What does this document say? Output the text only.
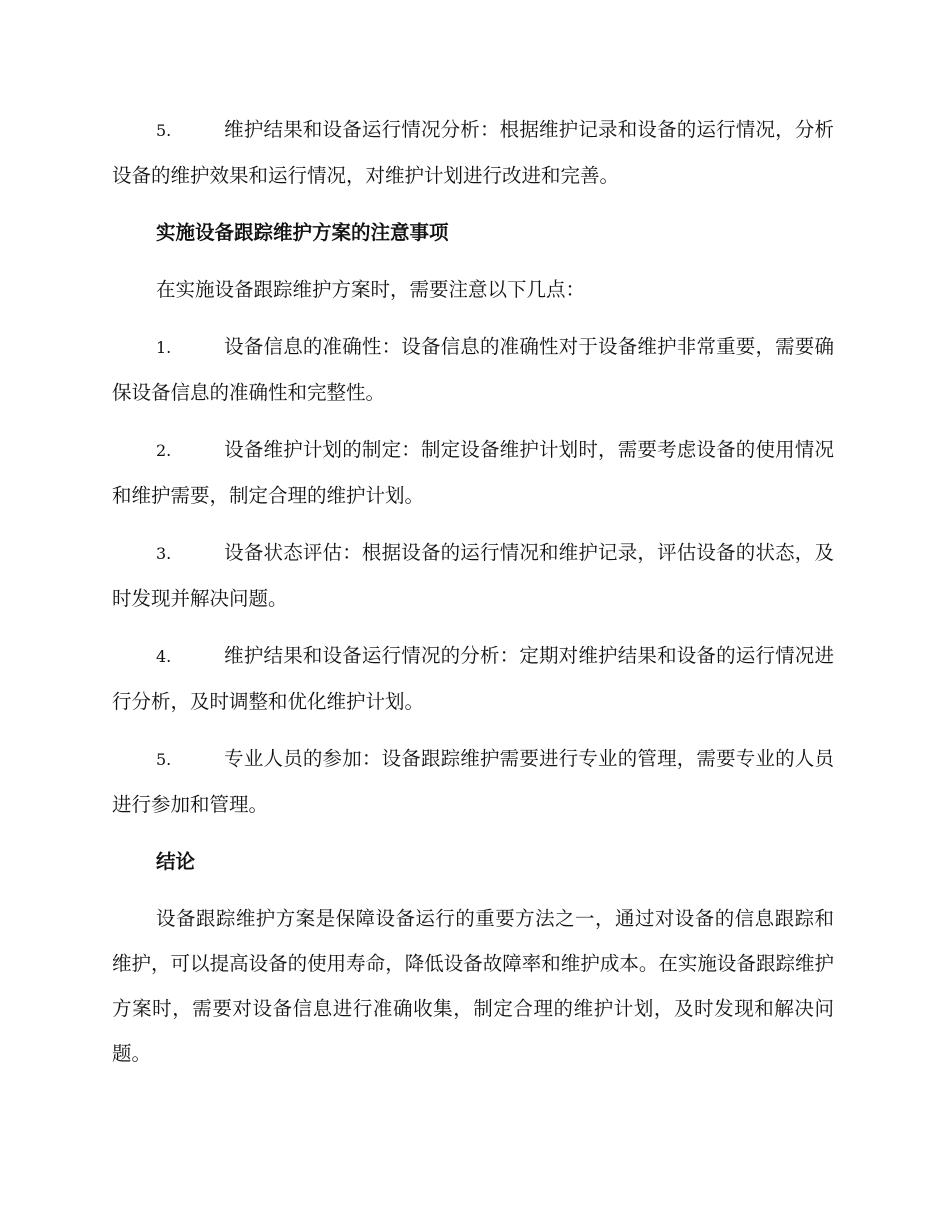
5.	维护结果和设备运行情况分析：根据维护记录和设备的运行情况，分析设备的维护效果和运行情况，对维护计划进行改进和完善。

实施设备跟踪维护方案的注意事项

在实施设备跟踪维护方案时，需要注意以下几点：

1.	设备信息的准确性：设备信息的准确性对于设备维护非常重要，需要确保设备信息的准确性和完整性。

2.	设备维护计划的制定：制定设备维护计划时，需要考虑设备的使用情况和维护需要，制定合理的维护计划。

3.	设备状态评估：根据设备的运行情况和维护记录，评估设备的状态，及时发现并解决问题。

4.	维护结果和设备运行情况的分析：定期对维护结果和设备的运行情况进行分析，及时调整和优化维护计划。

5.	专业人员的参加：设备跟踪维护需要进行专业的管理，需要专业的人员进行参加和管理。

结论

设备跟踪维护方案是保障设备运行的重要方法之一，通过对设备的信息跟踪和维护，可以提高设备的使用寿命，降低设备故障率和维护成本。在实施设备跟踪维护方案时，需要对设备信息进行准确收集，制定合理的维护计划，及时发现和解决问题。
